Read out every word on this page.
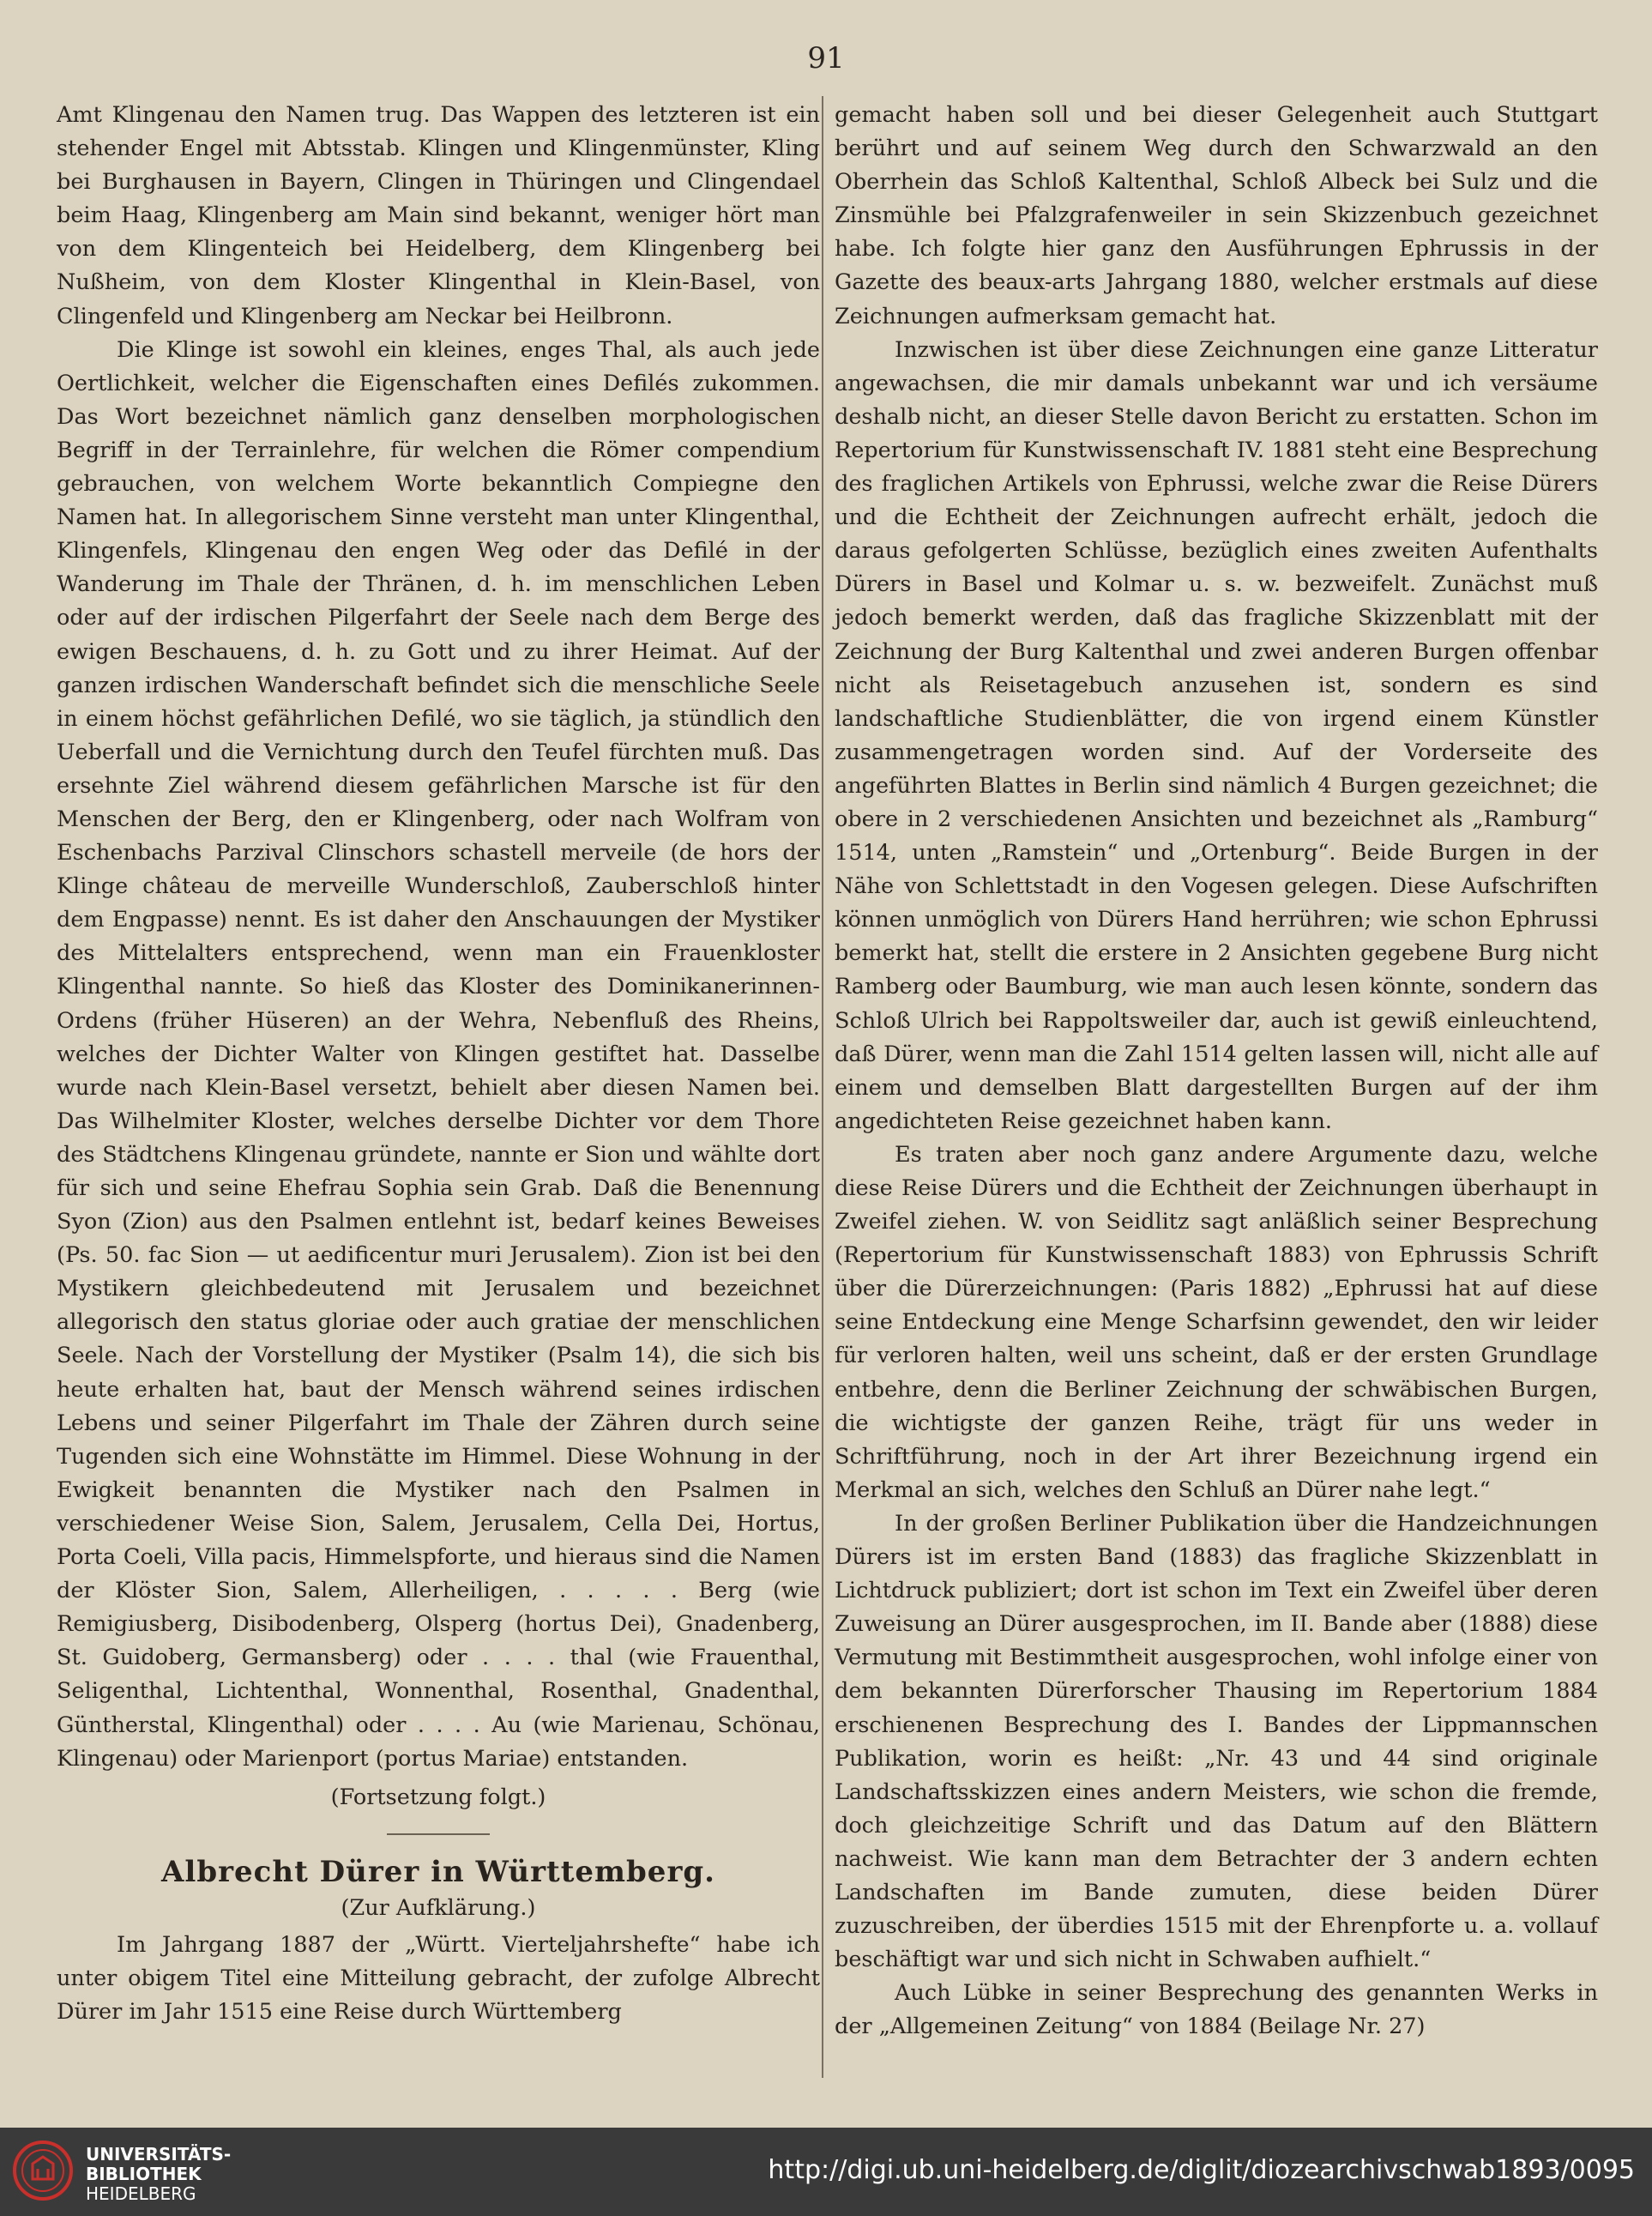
91

Amt Klingenau den Namen trug. Das Wappen des letzteren ist ein stehender Engel mit Abtsstab. Klingen und Klingenmünster, Kling bei Burghausen in Bayern, Clingen in Thüringen und Clingendael beim Haag, Klingenberg am Main sind bekannt, weniger hört man von dem Klingenteich bei Heidelberg, dem Klingenberg bei Nußheim, von dem Kloster Klingenthal in Klein-Basel, von Clingenfeld und Klingenberg am Neckar bei Heilbronn.

Die Klinge ist sowohl ein kleines, enges Thal, als auch jede Oertlichkeit, welcher die Eigenschaften eines Defilés zukommen. Das Wort bezeichnet nämlich ganz denselben morphologischen Begriff in der Terrainlehre, für welchen die Römer compendium gebrauchen, von welchem Worte bekanntlich Compiegne den Namen hat. In allegorischem Sinne versteht man unter Klingenthal, Klingenfels, Klingenau den engen Weg oder das Defilé in der Wanderung im Thale der Thränen, d. h. im menschlichen Leben oder auf der irdischen Pilgerfahrt der Seele nach dem Berge des ewigen Beschauens, d. h. zu Gott und zu ihrer Heimat. Auf der ganzen irdischen Wanderschaft befindet sich die menschliche Seele in einem höchst gefährlichen Defilé, wo sie täglich, ja stündlich den Ueberfall und die Vernichtung durch den Teufel fürchten muß. Das ersehnte Ziel während diesem gefährlichen Marsche ist für den Menschen der Berg, den er Klingenberg, oder nach Wolfram von Eschenbachs Parzival Clinschors schastell merveile (de hors der Klinge château de merveille Wunderschloß, Zauberschloß hinter dem Engpasse) nennt. Es ist daher den Anschauungen der Mystiker des Mittelalters entsprechend, wenn man ein Frauenkloster Klingenthal nannte. So hieß das Kloster des Dominikanerinnen-Ordens (früher Hüseren) an der Wehra, Nebenfluß des Rheins, welches der Dichter Walter von Klingen gestiftet hat. Dasselbe wurde nach Klein-Basel versetzt, behielt aber diesen Namen bei. Das Wilhelmiter Kloster, welches derselbe Dichter vor dem Thore des Städtchens Klingenau gründete, nannte er Sion und wählte dort für sich und seine Ehefrau Sophia sein Grab. Daß die Benennung Syon (Zion) aus den Psalmen entlehnt ist, bedarf keines Beweises (Ps. 50. fac Sion — ut aedificentur muri Jerusalem). Zion ist bei den Mystikern gleichbedeutend mit Jerusalem und bezeichnet allegorisch den status gloriae oder auch gratiae der menschlichen Seele. Nach der Vorstellung der Mystiker (Psalm 14), die sich bis heute erhalten hat, baut der Mensch während seines irdischen Lebens und seiner Pilgerfahrt im Thale der Zähren durch seine Tugenden sich eine Wohnstätte im Himmel. Diese Wohnung in der Ewigkeit benannten die Mystiker nach den Psalmen in verschiedener Weise Sion, Salem, Jerusalem, Cella Dei, Hortus, Porta Coeli, Villa pacis, Himmelspforte, und hieraus sind die Namen der Klöster Sion, Salem, Allerheiligen, . . . . . Berg (wie Remigiusberg, Disibodenberg, Olsperg (hortus Dei), Gnadenberg, St. Guidoberg, Germansberg) oder . . . . thal (wie Frauenthal, Seligenthal, Lichtenthal, Wonnenthal, Rosenthal, Gnadenthal, Güntherstal, Klingenthal) oder . . . . Au (wie Marienau, Schönau, Klingenau) oder Marienport (portus Mariae) entstanden.

(Fortsetzung folgt.)

Albrecht Dürer in Württemberg.

(Zur Aufklärung.)

Im Jahrgang 1887 der „Württ. Vierteljahrshefte“ habe ich unter obigem Titel eine Mitteilung gebracht, der zufolge Albrecht Dürer im Jahr 1515 eine Reise durch Württemberg

gemacht haben soll und bei dieser Gelegenheit auch Stuttgart berührt und auf seinem Weg durch den Schwarzwald an den Oberrhein das Schloß Kaltenthal, Schloß Albeck bei Sulz und die Zinsmühle bei Pfalzgrafenweiler in sein Skizzenbuch gezeichnet habe. Ich folgte hier ganz den Ausführungen Ephrussis in der Gazette des beaux-arts Jahrgang 1880, welcher erstmals auf diese Zeichnungen aufmerksam gemacht hat.

Inzwischen ist über diese Zeichnungen eine ganze Litteratur angewachsen, die mir damals unbekannt war und ich versäume deshalb nicht, an dieser Stelle davon Bericht zu erstatten. Schon im Repertorium für Kunstwissenschaft IV. 1881 steht eine Besprechung des fraglichen Artikels von Ephrussi, welche zwar die Reise Dürers und die Echtheit der Zeichnungen aufrecht erhält, jedoch die daraus gefolgerten Schlüsse, bezüglich eines zweiten Aufenthalts Dürers in Basel und Kolmar u. s. w. bezweifelt. Zunächst muß jedoch bemerkt werden, daß das fragliche Skizzenblatt mit der Zeichnung der Burg Kaltenthal und zwei anderen Burgen offenbar nicht als Reisetagebuch anzusehen ist, sondern es sind landschaftliche Studienblätter, die von irgend einem Künstler zusammengetragen worden sind. Auf der Vorderseite des angeführten Blattes in Berlin sind nämlich 4 Burgen gezeichnet; die obere in 2 verschiedenen Ansichten und bezeichnet als „Ramburg“ 1514, unten „Ramstein“ und „Ortenburg“. Beide Burgen in der Nähe von Schlettstadt in den Vogesen gelegen. Diese Aufschriften können unmöglich von Dürers Hand herrühren; wie schon Ephrussi bemerkt hat, stellt die erstere in 2 Ansichten gegebene Burg nicht Ramberg oder Baumburg, wie man auch lesen könnte, sondern das Schloß Ulrich bei Rappoltsweiler dar, auch ist gewiß einleuchtend, daß Dürer, wenn man die Zahl 1514 gelten lassen will, nicht alle auf einem und demselben Blatt dargestellten Burgen auf der ihm angedichteten Reise gezeichnet haben kann.

Es traten aber noch ganz andere Argumente dazu, welche diese Reise Dürers und die Echtheit der Zeichnungen überhaupt in Zweifel ziehen. W. von Seidlitz sagt anläßlich seiner Besprechung (Repertorium für Kunstwissenschaft 1883) von Ephrussis Schrift über die Dürerzeichnungen: (Paris 1882) „Ephrussi hat auf diese seine Entdeckung eine Menge Scharfsinn gewendet, den wir leider für verloren halten, weil uns scheint, daß er der ersten Grundlage entbehre, denn die Berliner Zeichnung der schwäbischen Burgen, die wichtigste der ganzen Reihe, trägt für uns weder in Schriftführung, noch in der Art ihrer Bezeichnung irgend ein Merkmal an sich, welches den Schluß an Dürer nahe legt.“

In der großen Berliner Publikation über die Handzeichnungen Dürers ist im ersten Band (1883) das fragliche Skizzenblatt in Lichtdruck publiziert; dort ist schon im Text ein Zweifel über deren Zuweisung an Dürer ausgesprochen, im II. Bande aber (1888) diese Vermutung mit Bestimmtheit ausgesprochen, wohl infolge einer von dem bekannten Dürerforscher Thausing im Repertorium 1884 erschienenen Besprechung des I. Bandes der Lippmannschen Publikation, worin es heißt: „Nr. 43 und 44 sind originale Landschaftsskizzen eines andern Meisters, wie schon die fremde, doch gleichzeitige Schrift und das Datum auf den Blättern nachweist. Wie kann man dem Betrachter der 3 andern echten Landschaften im Bande zumuten, diese beiden Dürer zuzuschreiben, der überdies 1515 mit der Ehrenpforte u. a. vollauf beschäftigt war und sich nicht in Schwaben aufhielt.“

Auch Lübke in seiner Besprechung des genannten Werks in der „Allgemeinen Zeitung“ von 1884 (Beilage Nr. 27)

UNIVERSITÄTS-
BIBLIOTHEK
HEIDELBERG
http://digi.ub.uni-heidelberg.de/diglit/diozearchivschwab1893/0095
